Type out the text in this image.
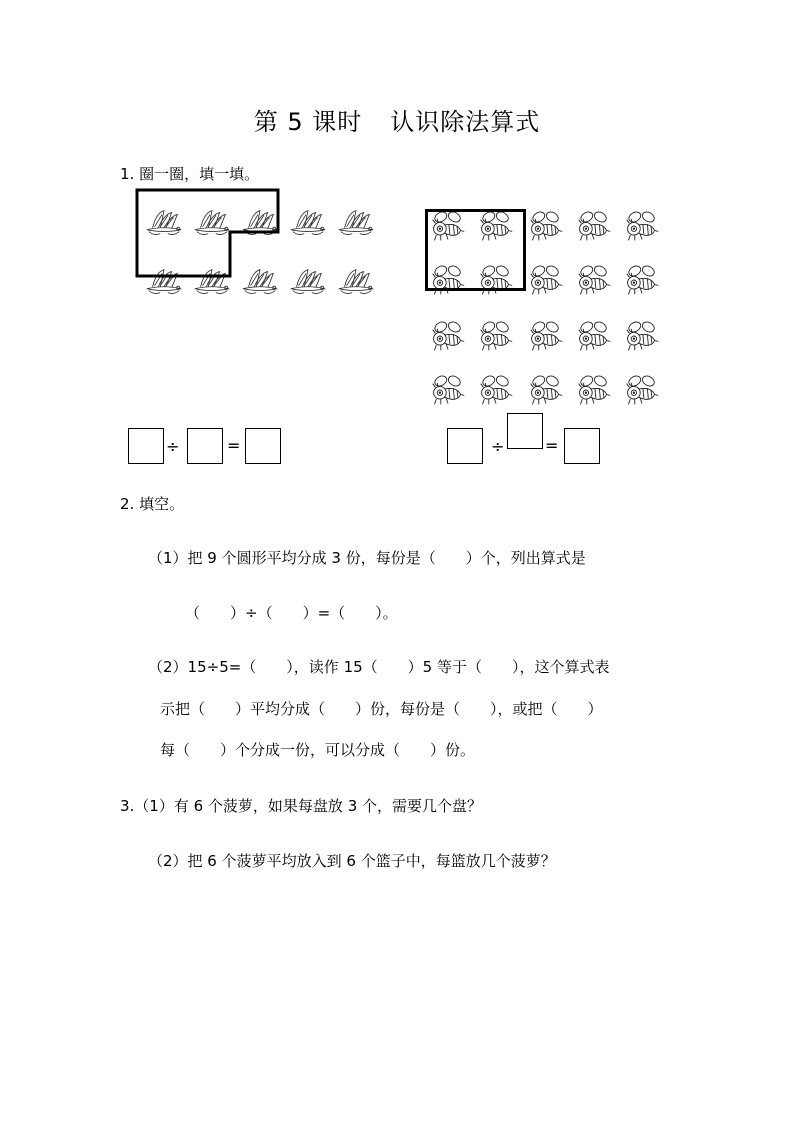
第 5 课时 认识除法算式
1. 圈一圈，填一填。
÷	=	÷	=
2. 填空。
（1）把 9 个圆形平均分成 3 份，每份是（　　）个，列出算式是
（　　）÷（　　）=（　　）。
（2）15÷5=（　　），读作 15（　　）5 等于（　　），这个算式表
示把（　　）平均分成（　　）份，每份是（　　），或把（　　）
每（　　）个分成一份，可以分成（　　）份。
3.（1）有 6 个菠萝，如果每盘放 3 个，需要几个盘？
（2）把 6 个菠萝平均放入到 6 个篮子中，每篮放几个菠萝？
